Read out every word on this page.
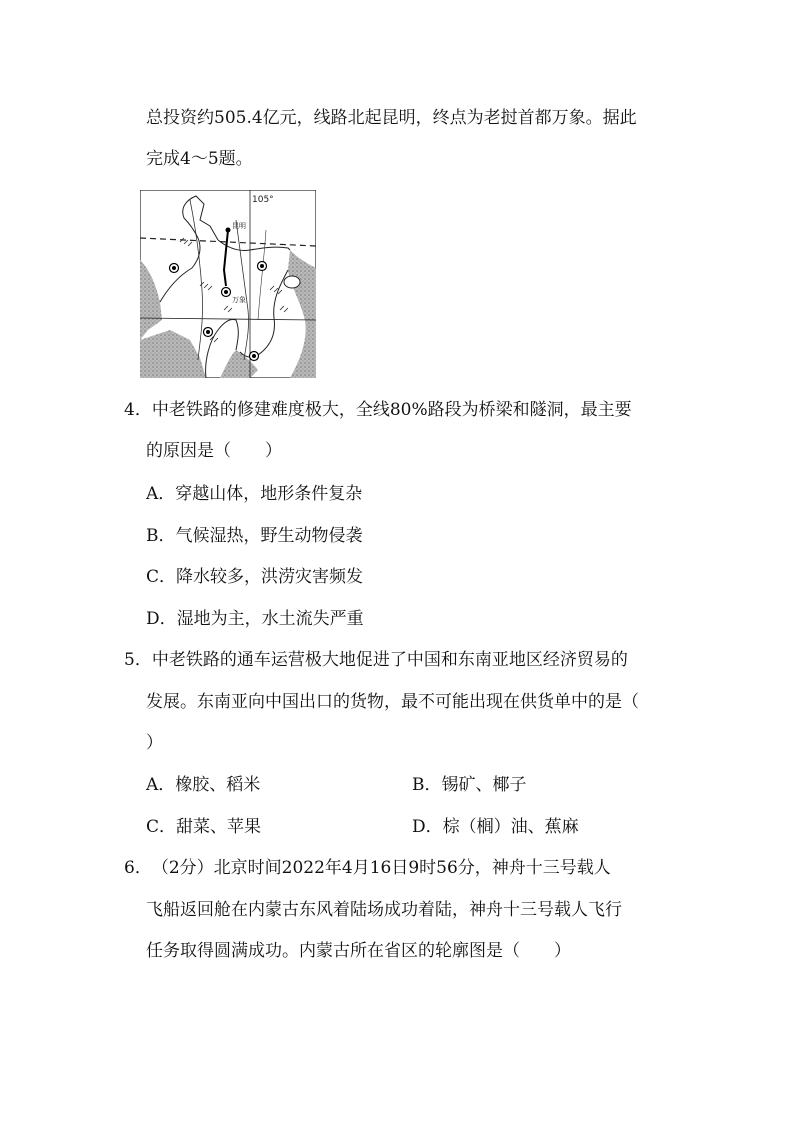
总投资约505.4亿元，线路北起昆明，终点为老挝首都万象。据此
完成4～5题。
105°
昆明
万象
4．中老铁路的修建难度极大，全线80%路段为桥梁和隧洞，最主要
的原因是（　　）
A．穿越山体，地形条件复杂
B．气候湿热，野生动物侵袭
C．降水较多，洪涝灾害频发
D．湿地为主，水土流失严重
5．中老铁路的通车运营极大地促进了中国和东南亚地区经济贸易的
发展。东南亚向中国出口的货物，最不可能出现在供货单中的是（
）
A．橡胶、稻米	B．锡矿、椰子
C．甜菜、苹果	D．棕（榈）油、蕉麻
6．（2分）北京时间2022年4月16日9时56分，神舟十三号载人
飞船返回舱在内蒙古东风着陆场成功着陆，神舟十三号载人飞行
任务取得圆满成功。内蒙古所在省区的轮廓图是（　　）
